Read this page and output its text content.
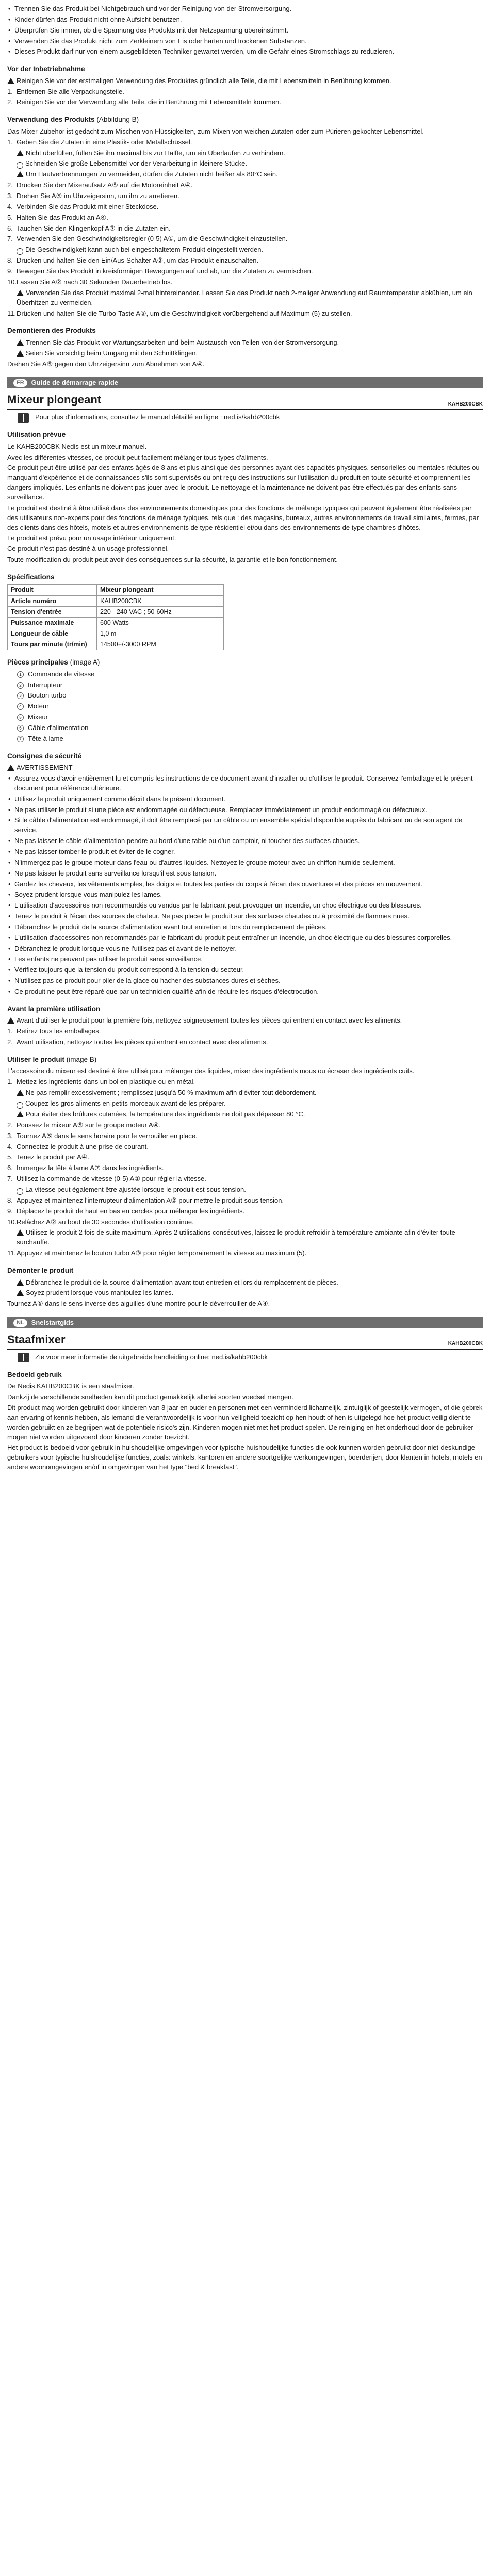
• Trennen Sie das Produkt bei Nichtgebrauch und vor der Reinigung von der Stromversorgung.
• Kinder dürfen das Produkt nicht ohne Aufsicht benutzen.
• Überprüfen Sie immer, ob die Spannung des Produkts mit der Netzspannung übereinstimmt.
• Verwenden Sie das Produkt nicht zum Zerkleinern von Eis oder harten und trockenen Substanzen.
• Dieses Produkt darf nur von einem ausgebildeten Techniker gewartet werden, um die Gefahr eines Stromschlags zu reduzieren.
Vor der Inbetriebnahme

Reinigen Sie vor der erstmaligen Verwendung des Produktes gründlich alle Teile, die mit Lebensmitteln in Berührung kommen.

1. Entfernen Sie alle Verpackungsteile.
2. Reinigen Sie vor der Verwendung alle Teile, die in Berührung mit Lebensmitteln kommen.
Verwendung des Produkts (Abbildung B)

Das Mixer-Zubehör ist gedacht zum Mischen von Flüssigkeiten, zum Mixen von weichen Zutaten oder zum Pürieren gekochter Lebensmittel.

1. Geben Sie die Zutaten in eine Plastik- oder Metallschüssel.
Nicht überfüllen, füllen Sie ihn maximal bis zur Hälfte, um ein Überlaufen zu verhindern.
i Schneiden Sie große Lebensmittel vor der Verarbeitung in kleinere Stücke.
Um Hautverbrennungen zu vermeiden, dürfen die Zutaten nicht heißer als 80°C sein.
2. Drücken Sie den Mixeraufsatz A⑤ auf die Motoreinheit A④.
3. Drehen Sie A⑤ im Uhrzeigersinn, um ihn zu arretieren.
4. Verbinden Sie das Produkt mit einer Steckdose.
5. Halten Sie das Produkt an A④.
6. Tauchen Sie den Klingenkopf A⑦ in die Zutaten ein.
7. Verwenden Sie den Geschwindigkeitsregler (0-5) A①, um die Geschwindigkeit einzustellen.
i Die Geschwindigkeit kann auch bei eingeschaltetem Produkt eingestellt werden.
8. Drücken und halten Sie den Ein/Aus-Schalter A②, um das Produkt einzuschalten.
9. Bewegen Sie das Produkt in kreisförmigen Bewegungen auf und ab, um die Zutaten zu vermischen.
10. Lassen Sie A② nach 30 Sekunden Dauerbetrieb los.
Verwenden Sie das Produkt maximal 2-mal hintereinander. Lassen Sie das Produkt nach 2-maliger Anwendung auf Raumtemperatur abkühlen, um ein Überhitzen zu vermeiden.
11. Drücken und halten Sie die Turbo-Taste A③, um die Geschwindigkeit vorübergehend auf Maximum (5) zu stellen.
Demontieren des Produkts
Trennen Sie das Produkt vor Wartungsarbeiten und beim Austausch von Teilen von der Stromversorgung.
Seien Sie vorsichtig beim Umgang mit den Schnittklingen.

Drehen Sie A⑤ gegen den Uhrzeigersinn zum Abnehmen von A④.

FR	Guide de démarrage rapide
Mixeur plongeant	KAHB200CBK
Pour plus d'informations, consultez le manuel détaillé en ligne : ned.is/kahb200cbk
Utilisation prévue

Le KAHB200CBK Nedis est un mixeur manuel.

Avec les différentes vitesses, ce produit peut facilement mélanger tous types d'aliments.

Ce produit peut être utilisé par des enfants âgés de 8 ans et plus ainsi que des personnes ayant des capacités physiques, sensorielles ou mentales réduites ou manquant d'expérience et de connaissances s'ils sont supervisés ou ont reçu des instructions sur l'utilisation du produit en toute sécurité et comprennent les dangers impliqués. Les enfants ne doivent pas jouer avec le produit. Le nettoyage et la maintenance ne doivent pas être effectués par des enfants sans surveillance.

Le produit est destiné à être utilisé dans des environnements domestiques pour des fonctions de mélange typiques qui peuvent également être réalisées par des utilisateurs non-experts pour des fonctions de ménage typiques, tels que : des magasins, bureaux, autres environnements de travail similaires, fermes, par des clients dans des hôtels, motels et autres environnements de type résidentiel et/ou dans des environnements de type chambres d'hôtes.

Le produit est prévu pour un usage intérieur uniquement.

Ce produit n'est pas destiné à un usage professionnel.

Toute modification du produit peut avoir des conséquences sur la sécurité, la garantie et le bon fonctionnement.

Spécifications
Produit	Mixeur plongeant
Article numéro	KAHB200CBK
Tension d'entrée	220 - 240 VAC ; 50-60Hz
Puissance maximale	600 Watts
Longueur de câble	1,0 m
Tours par minute (tr/min)	14500+/-3000 RPM
Pièces principales (image A)
1 Commande de vitesse
2 Interrupteur
3 Bouton turbo
4 Moteur
5 Mixeur
6 Câble d'alimentation
7 Tête à lame
Consignes de sécurité

AVERTISSEMENT

• Assurez-vous d'avoir entièrement lu et compris les instructions de ce document avant d'installer ou d'utiliser le produit. Conservez l'emballage et le présent document pour référence ultérieure.
• Utilisez le produit uniquement comme décrit dans le présent document.
• Ne pas utiliser le produit si une pièce est endommagée ou défectueuse. Remplacez immédiatement un produit endommagé ou défectueux.
• Si le câble d'alimentation est endommagé, il doit être remplacé par un câble ou un ensemble spécial disponible auprès du fabricant ou de son agent de service.
• Ne pas laisser le câble d'alimentation pendre au bord d'une table ou d'un comptoir, ni toucher des surfaces chaudes.
• Ne pas laisser tomber le produit et éviter de le cogner.
• N'immergez pas le groupe moteur dans l'eau ou d'autres liquides. Nettoyez le groupe moteur avec un chiffon humide seulement.
• Ne pas laisser le produit sans surveillance lorsqu'il est sous tension.
• Gardez les cheveux, les vêtements amples, les doigts et toutes les parties du corps à l'écart des ouvertures et des pièces en mouvement.
• Soyez prudent lorsque vous manipulez les lames.
• L'utilisation d'accessoires non recommandés ou vendus par le fabricant peut provoquer un incendie, un choc électrique ou des blessures.
• Tenez le produit à l'écart des sources de chaleur. Ne pas placer le produit sur des surfaces chaudes ou à proximité de flammes nues.
• Débranchez le produit de la source d'alimentation avant tout entretien et lors du remplacement de pièces.
• L'utilisation d'accessoires non recommandés par le fabricant du produit peut entraîner un incendie, un choc électrique ou des blessures corporelles.
• Débranchez le produit lorsque vous ne l'utilisez pas et avant de le nettoyer.
• Les enfants ne peuvent pas utiliser le produit sans surveillance.
• Vérifiez toujours que la tension du produit correspond à la tension du secteur.
• N'utilisez pas ce produit pour piler de la glace ou hacher des substances dures et sèches.
• Ce produit ne peut être réparé que par un technicien qualifié afin de réduire les risques d'électrocution.
Avant la première utilisation

Avant d'utiliser le produit pour la première fois, nettoyez soigneusement toutes les pièces qui entrent en contact avec les aliments.

1. Retirez tous les emballages.
2. Avant utilisation, nettoyez toutes les pièces qui entrent en contact avec des aliments.
Utiliser le produit (image B)

L'accessoire du mixeur est destiné à être utilisé pour mélanger des liquides, mixer des ingrédients mous ou écraser des ingrédients cuits.

1. Mettez les ingrédients dans un bol en plastique ou en métal.
Ne pas remplir excessivement ; remplissez jusqu'à 50 % maximum afin d'éviter tout débordement.
i Coupez les gros aliments en petits morceaux avant de les préparer.
Pour éviter des brûlures cutanées, la température des ingrédients ne doit pas dépasser 80 °C.
2. Poussez le mixeur A⑤ sur le groupe moteur A④.
3. Tournez A⑤ dans le sens horaire pour le verrouiller en place.
4. Connectez le produit à une prise de courant.
5. Tenez le produit par A④.
6. Immergez la tête à lame A⑦ dans les ingrédients.
7. Utilisez la commande de vitesse (0-5) A① pour régler la vitesse.
i La vitesse peut également être ajustée lorsque le produit est sous tension.
8. Appuyez et maintenez l'interrupteur d'alimentation A② pour mettre le produit sous tension.
9. Déplacez le produit de haut en bas en cercles pour mélanger les ingrédients.
10. Relâchez A② au bout de 30 secondes d'utilisation continue.
Utilisez le produit 2 fois de suite maximum. Après 2 utilisations consécutives, laissez le produit refroidir à température ambiante afin d'éviter toute surchauffe.
11. Appuyez et maintenez le bouton turbo A③ pour régler temporairement la vitesse au maximum (5).
Démonter le produit
Débranchez le produit de la source d'alimentation avant tout entretien et lors du remplacement de pièces.
Soyez prudent lorsque vous manipulez les lames.

Tournez A⑤ dans le sens inverse des aiguilles d'une montre pour le déverrouiller de A④.

NL	Snelstartgids
Staafmixer	KAHB200CBK
Zie voor meer informatie de uitgebreide handleiding online: ned.is/kahb200cbk
Bedoeld gebruik

De Nedis KAHB200CBK is een staafmixer.

Dankzij de verschillende snelheden kan dit product gemakkelijk allerlei soorten voedsel mengen.

Dit product mag worden gebruikt door kinderen van 8 jaar en ouder en personen met een verminderd lichamelijk, zintuiglijk of geestelijk vermogen, of die gebrek aan ervaring of kennis hebben, als iemand die verantwoordelijk is voor hun veiligheid toezicht op hen houdt of hen is uitgelegd hoe het product veilig dient te worden gebruikt en ze begrijpen wat de potentiële risico's zijn. Kinderen mogen niet met het product spelen. De reiniging en het onderhoud door de gebruiker mogen niet worden uitgevoerd door kinderen zonder toezicht.

Het product is bedoeld voor gebruik in huishoudelijke omgevingen voor typische huishoudelijke functies die ook kunnen worden gebruikt door niet-deskundige gebruikers voor typische huishoudelijke functies, zoals: winkels, kantoren en andere soortgelijke werkomgevingen, boerderijen, door klanten in hotels, motels en andere woonomgevingen en/of in omgevingen van het type "bed & breakfast".
